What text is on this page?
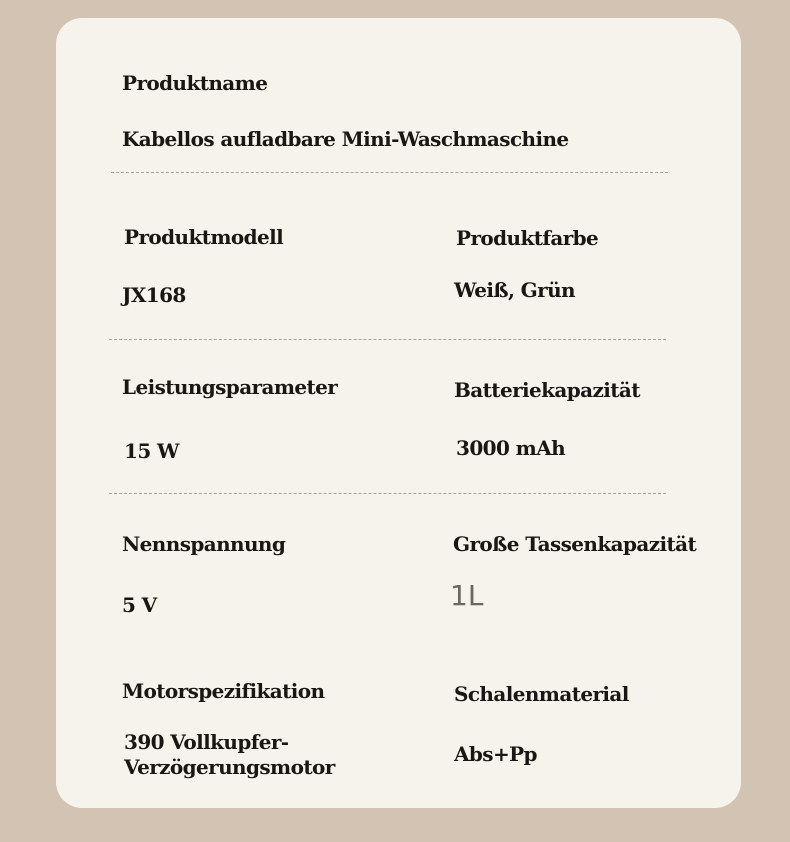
Produktname
Kabellos aufladbare Mini-Waschmaschine
Produktmodell
JX168
Produktfarbe
Weiß, Grün
Leistungsparameter
15 W
Batteriekapazität
3000 mAh
Nennspannung
5 V
Große Tassenkapazität
1L
Motorspezifikation
390 Vollkupfer-
Verzögerungsmotor
Schalenmaterial
Abs+Pp
